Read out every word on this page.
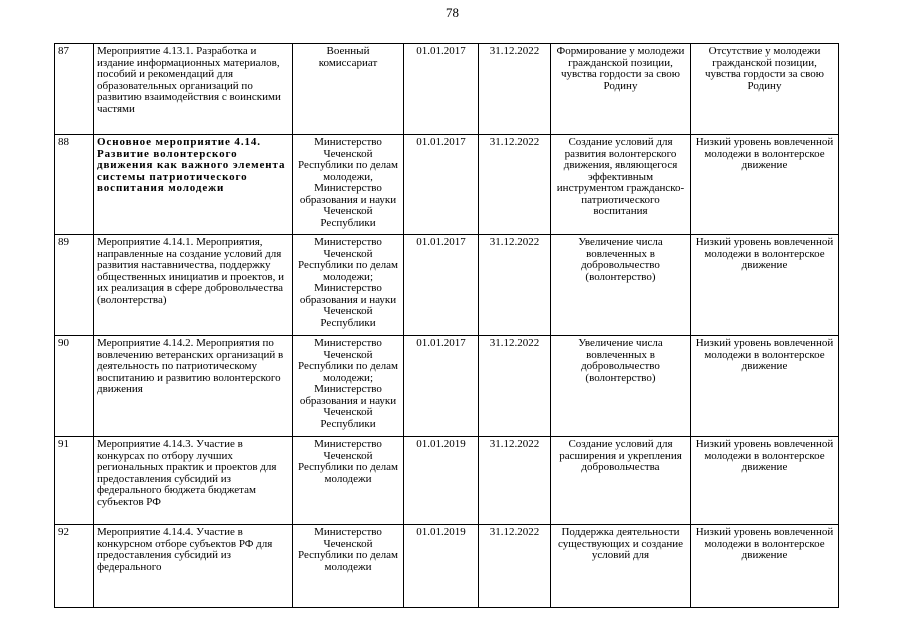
78
87	Мероприятие 4.13.1. Разработка и издание информационных материалов, пособий и рекомендаций для образовательных организаций по развитию взаимодействия с воинскими частями	Военный комиссариат	01.01.2017	31.12.2022	Формирование у молодежи гражданской позиции, чувства гордости за свою Родину	Отсутствие у молодежи гражданской позиции, чувства гордости за свою Родину
88	Основное мероприятие 4.14. Развитие волонтерского движения как важного элемента системы патриотического воспитания молодежи	Министерство Чеченской Республики по делам молодежи, Министерство образования и науки Чеченской Республики	01.01.2017	31.12.2022	Создание условий для развития волонтерского движения, являющегося эффективным инструментом гражданско-патриотического воспитания	Низкий уровень вовлеченной молодежи в волонтерское движение
89	Мероприятие 4.14.1. Мероприятия, направленные на создание условий для развития наставничества, поддержку общественных инициатив и проектов, и их реализация в сфере добровольчества (волонтерства)	Министерство Чеченской Республики по делам молодежи; Министерство образования и науки Чеченской Республики	01.01.2017	31.12.2022	Увеличение числа вовлеченных в добровольчество (волонтерство)	Низкий уровень вовлеченной молодежи в волонтерское движение
90	Мероприятие 4.14.2. Мероприятия по вовлечению ветеранских организаций в деятельность по патриотическому воспитанию и развитию волонтерского движения	Министерство Чеченской Республики по делам молодежи; Министерство образования и науки Чеченской Республики	01.01.2017	31.12.2022	Увеличение числа вовлеченных в добровольчество (волонтерство)	Низкий уровень вовлеченной молодежи в волонтерское движение
91	Мероприятие 4.14.3. Участие в конкурсах по отбору лучших региональных практик и проектов для предоставления субсидий из федерального бюджета бюджетам субъектов РФ	Министерство Чеченской Республики по делам молодежи	01.01.2019	31.12.2022	Создание условий для расширения и укрепления добровольчества	Низкий уровень вовлеченной молодежи в волонтерское движение
92	Мероприятие 4.14.4. Участие в конкурсном отборе субъектов РФ для предоставления субсидий из федерального	Министерство Чеченской Республики по делам молодежи	01.01.2019	31.12.2022	Поддержка деятельности существующих и создание условий для	Низкий уровень вовлеченной молодежи в волонтерское движение
